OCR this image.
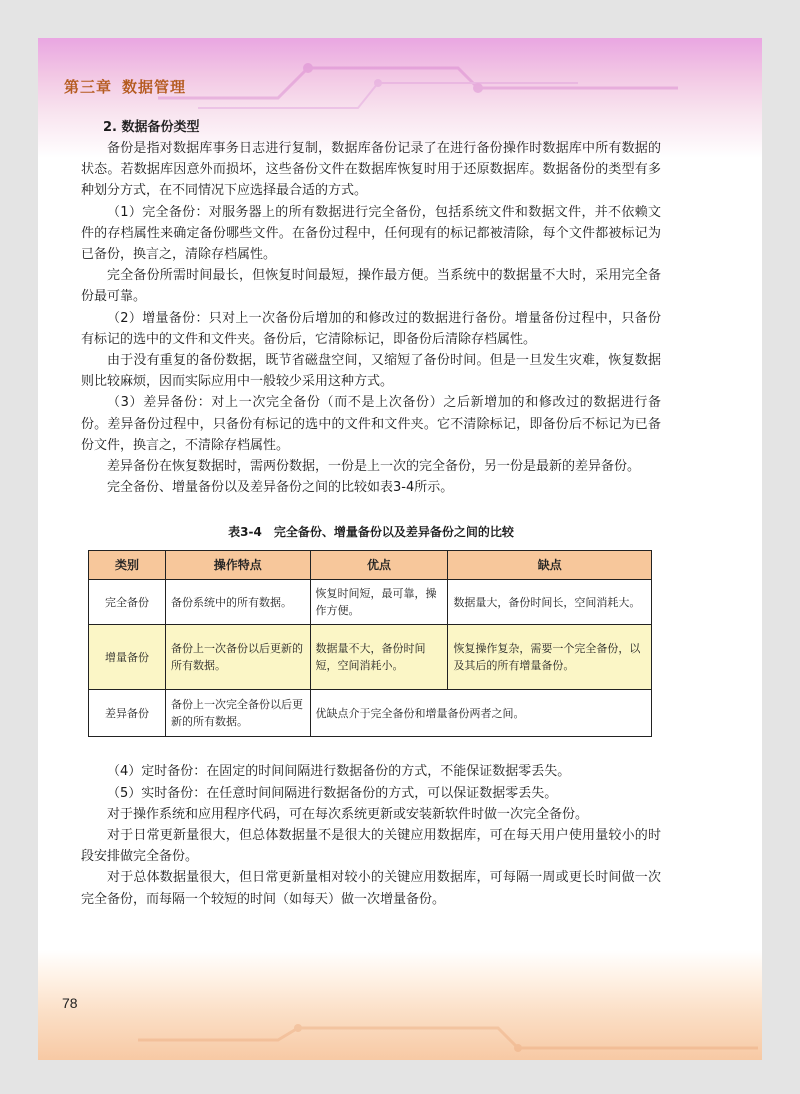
第三章 数据管理
78
2. 数据备份类型

备份是指对数据库事务日志进行复制，数据库备份记录了在进行备份操作时数据库中所有数据的状态。若数据库因意外而损坏，这些备份文件在数据库恢复时用于还原数据库。数据备份的类型有多种划分方式，在不同情况下应选择最合适的方式。

（1）完全备份：对服务器上的所有数据进行完全备份，包括系统文件和数据文件，并不依赖文件的存档属性来确定备份哪些文件。在备份过程中，任何现有的标记都被清除，每个文件都被标记为已备份，换言之，清除存档属性。

完全备份所需时间最长，但恢复时间最短，操作最方便。当系统中的数据量不大时，采用完全备份最可靠。

（2）增量备份：只对上一次备份后增加的和修改过的数据进行备份。增量备份过程中，只备份有标记的选中的文件和文件夹。备份后，它清除标记，即备份后清除存档属性。

由于没有重复的备份数据，既节省磁盘空间，又缩短了备份时间。但是一旦发生灾难，恢复数据则比较麻烦，因而实际应用中一般较少采用这种方式。

（3）差异备份：对上一次完全备份（而不是上次备份）之后新增加的和修改过的数据进行备份。差异备份过程中，只备份有标记的选中的文件和文件夹。它不清除标记，即备份后不标记为已备份文件，换言之，不清除存档属性。

差异备份在恢复数据时，需两份数据，一份是上一次的完全备份，另一份是最新的差异备份。

完全备份、增量备份以及差异备份之间的比较如表3-4所示。

表3-4　完全备份、增量备份以及差异备份之间的比较
类别	操作特点	优点	缺点
完全备份	备份系统中的所有数据。	恢复时间短，最可靠，操作方便。	数据量大，备份时间长，空间消耗大。
增量备份	备份上一次备份以后更新的所有数据。	数据量不大，备份时间短，空间消耗小。	恢复操作复杂，需要一个完全备份，以及其后的所有增量备份。
差异备份	备份上一次完全备份以后更新的所有数据。	优缺点介于完全备份和增量备份两者之间。	

（4）定时备份：在固定的时间间隔进行数据备份的方式，不能保证数据零丢失。

（5）实时备份：在任意时间间隔进行数据备份的方式，可以保证数据零丢失。

对于操作系统和应用程序代码，可在每次系统更新或安装新软件时做一次完全备份。

对于日常更新量很大，但总体数据量不是很大的关键应用数据库，可在每天用户使用量较小的时段安排做完全备份。

对于总体数据量很大，但日常更新量相对较小的关键应用数据库，可每隔一周或更长时间做一次完全备份，而每隔一个较短的时间（如每天）做一次增量备份。
